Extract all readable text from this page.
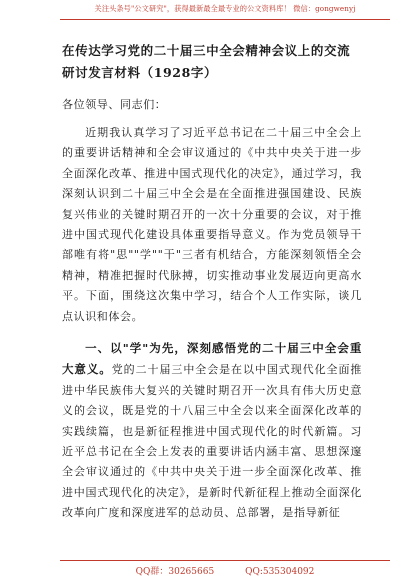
关注头条号"公文研究"，获得最新最全最专业的公文资料库！ 微信：gongwenyj
在传达学习党的二十届三中全会精神会议上的交流研讨发言材料（1928字）
各位领导、同志们：
近期我认真学习了习近平总书记在二十届三中全会上的重要讲话精神和全会审议通过的《中共中央关于进一步全面深化改革、推进中国式现代化的决定》，通过学习，我深刻认识到二十届三中全会是在全面推进强国建设、民族复兴伟业的关键时期召开的一次十分重要的会议，对于推进中国式现代化建设具体重要指导意义。作为党员领导干部唯有将"思""学""干"三者有机结合，方能深刻领悟全会精神，精准把握时代脉搏，切实推动事业发展迈向更高水平。下面，围绕这次集中学习，结合个人工作实际，谈几点认识和体会。
一、以"学"为先，深刻感悟党的二十届三中全会重大意义。党的二十届三中全会是在以中国式现代化全面推进中华民族伟大复兴的关键时期召开一次具有伟大历史意义的会议，既是党的十八届三中全会以来全面深化改革的实践续篇，也是新征程推进中国式现代化的时代新篇。习近平总书记在全会上发表的重要讲话内涵丰富、思想深邃全会审议通过的《中共中央关于进一步全面深化改革、推进中国式现代化的决定》，是新时代新征程上推动全面深化改革向广度和深度进军的总动员、总部署，是指导新征
QQ群：30265665	QQ:535304092
